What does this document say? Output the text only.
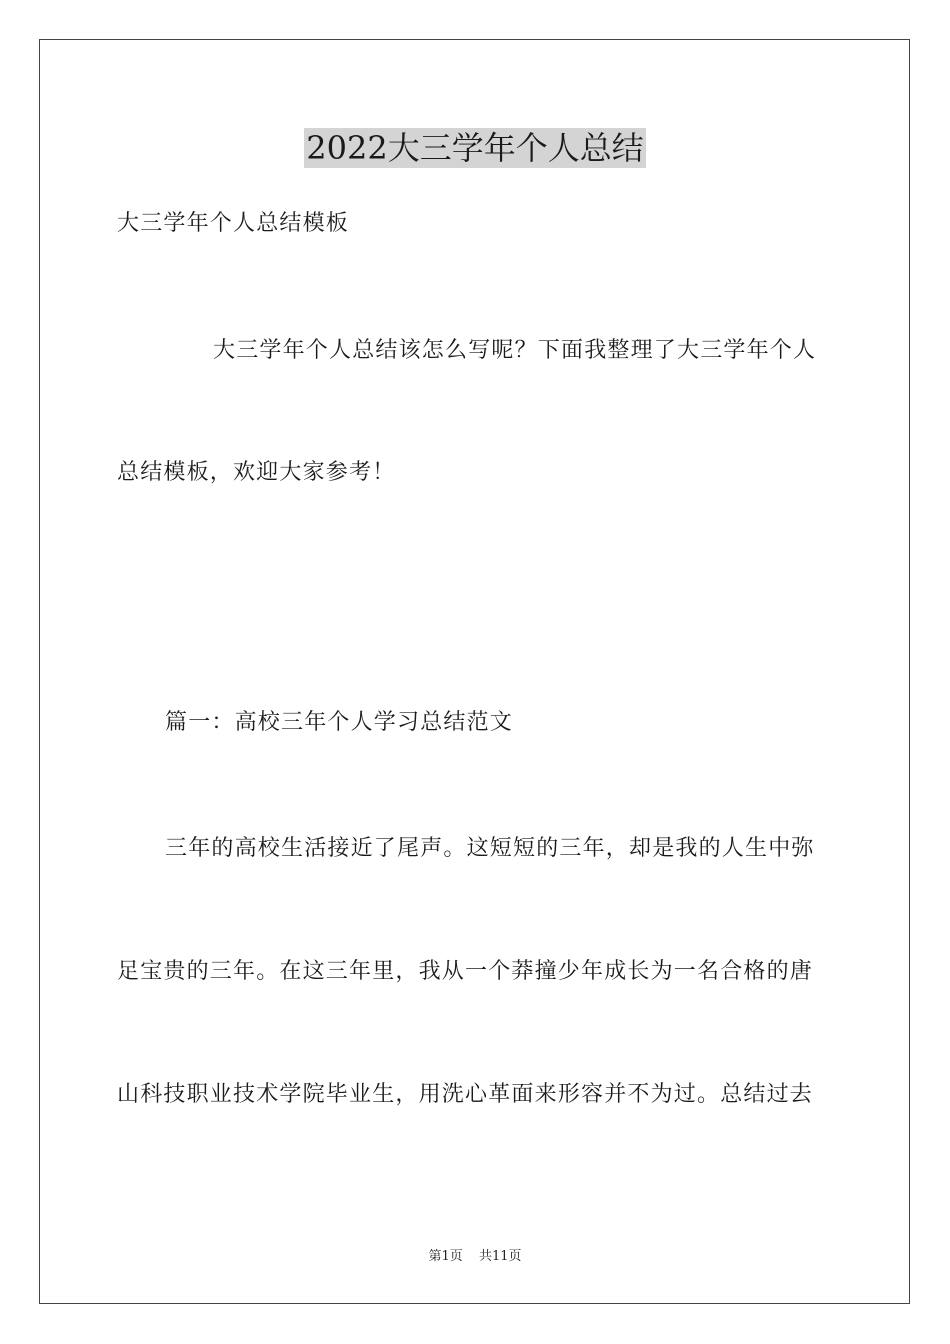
2022大三学年个人总结
大三学年个人总结模板
大三学年个人总结该怎么写呢？下面我整理了大三学年个人
总结模板，欢迎大家参考！
篇一：高校三年个人学习总结范文
三年的高校生活接近了尾声。这短短的三年，却是我的人生中弥
足宝贵的三年。在这三年里，我从一个莽撞少年成长为一名合格的唐
山科技职业技术学院毕业生，用洗心革面来形容并不为过。总结过去
第1页 共11页
